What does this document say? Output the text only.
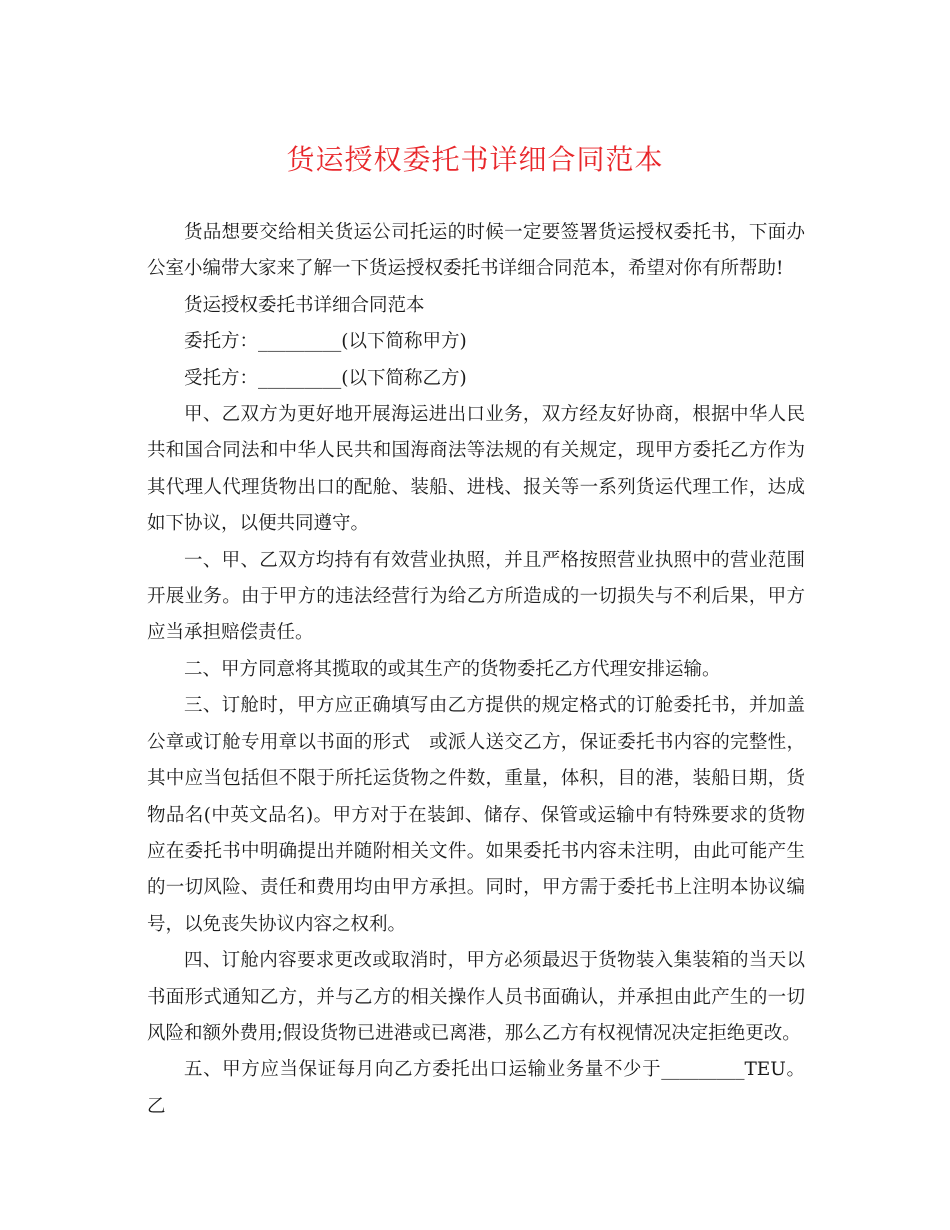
货运授权委托书详细合同范本

货品想要交给相关货运公司托运的时候一定要签署货运授权委托书，下面办公室小编带大家来了解一下货运授权委托书详细合同范本，希望对你有所帮助!

货运授权委托书详细合同范本

委托方：_________(以下简称甲方)

受托方：_________(以下简称乙方)

甲、乙双方为更好地开展海运进出口业务，双方经友好协商，根据中华人民共和国合同法和中华人民共和国海商法等法规的有关规定，现甲方委托乙方作为其代理人代理货物出口的配舱、装船、进栈、报关等一系列货运代理工作，达成如下协议，以便共同遵守。

一、甲、乙双方均持有有效营业执照，并且严格按照营业执照中的营业范围开展业务。由于甲方的违法经营行为给乙方所造成的一切损失与不利后果，甲方应当承担赔偿责任。

二、甲方同意将其揽取的或其生产的货物委托乙方代理安排运输。

三、订舱时，甲方应正确填写由乙方提供的规定格式的订舱委托书，并加盖公章或订舱专用章以书面的形式　或派人送交乙方，保证委托书内容的完整性，其中应当包括但不限于所托运货物之件数，重量，体积，目的港，装船日期，货物品名(中英文品名)。甲方对于在装卸、储存、保管或运输中有特殊要求的货物应在委托书中明确提出并随附相关文件。如果委托书内容未注明，由此可能产生的一切风险、责任和费用均由甲方承担。同时，甲方需于委托书上注明本协议编号，以免丧失协议内容之权利。

四、订舱内容要求更改或取消时，甲方必须最迟于货物装入集装箱的当天以书面形式通知乙方，并与乙方的相关操作人员书面确认，并承担由此产生的一切风险和额外费用;假设货物已进港或已离港，那么乙方有权视情况决定拒绝更改。

五、甲方应当保证每月向乙方委托出口运输业务量不少于_________TEU。乙
